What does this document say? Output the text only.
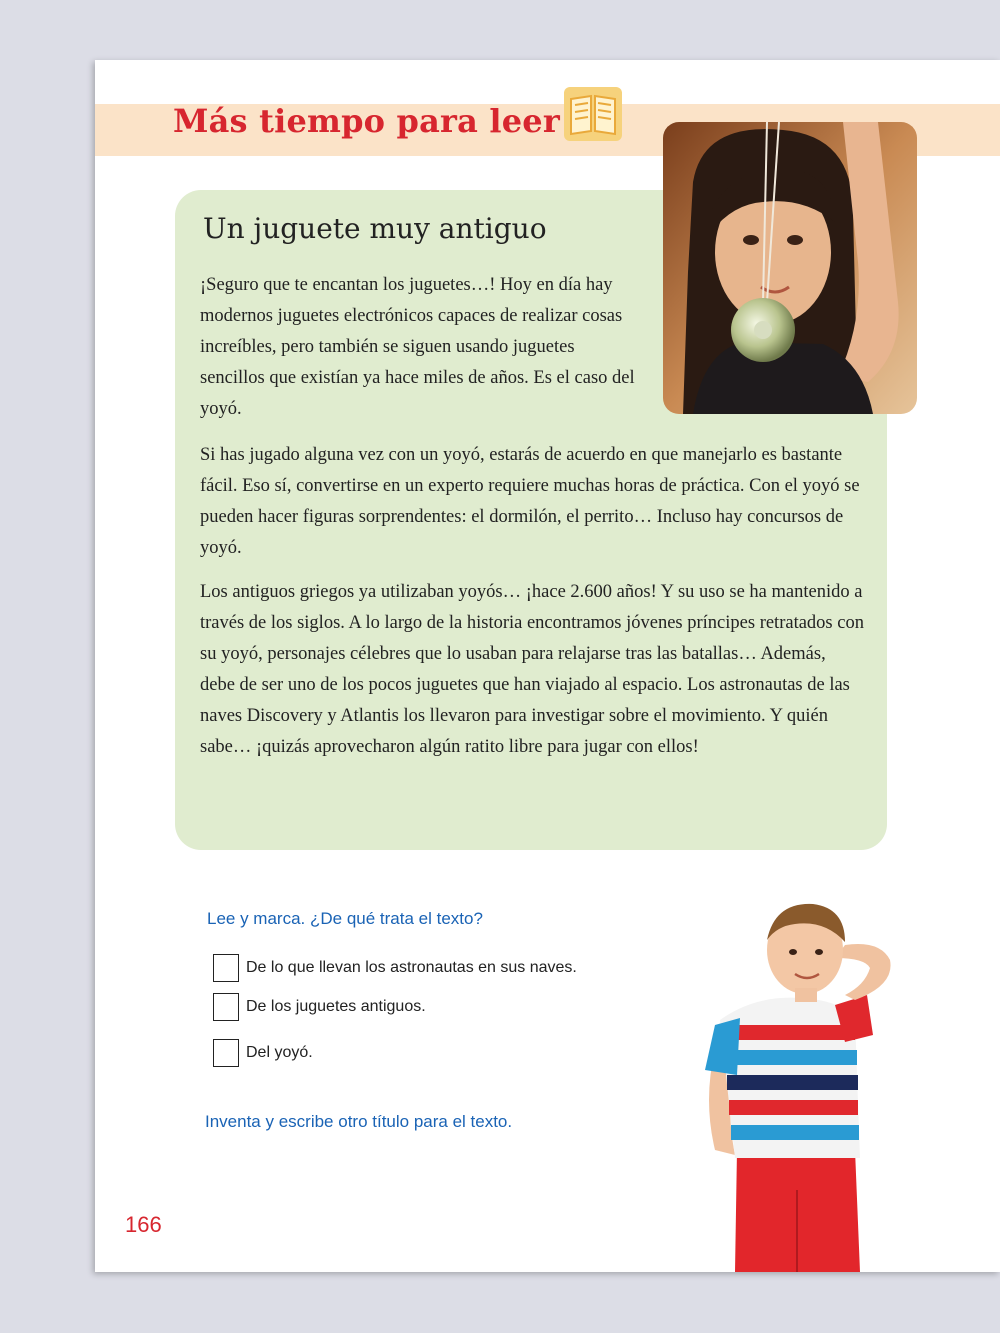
Más tiempo para leer
Un juguete muy antiguo

¡Seguro que te encantan los juguetes…! Hoy en día hay modernos juguetes electrónicos capaces de realizar cosas increíbles, pero también se siguen usando juguetes sencillos que existían ya hace miles de años. Es el caso del yoyó.

Si has jugado alguna vez con un yoyó, estarás de acuerdo en que manejarlo es bastante fácil. Eso sí, convertirse en un experto requiere muchas horas de práctica. Con el yoyó se pueden hacer figuras sorprendentes: el dormilón, el perrito… Incluso hay concursos de yoyó.

Los antiguos griegos ya utilizaban yoyós… ¡hace 2.600 años! Y su uso se ha mantenido a través de los siglos. A lo largo de la historia encontramos jóvenes príncipes retratados con su yoyó, personajes célebres que lo usaban para relajarse tras las batallas… Además, debe de ser uno de los pocos juguetes que han viajado al espacio. Los astronautas de las naves Discovery y Atlantis los llevaron para investigar sobre el movimiento. Y quién sabe… ¡quizás aprovecharon algún ratito libre para jugar con ellos!

Lee y marca. ¿De qué trata el texto?

De lo que llevan los astronautas en sus naves.
De los juguetes antiguos.
Del yoyó.

Inventa y escribe otro título para el texto.

166
